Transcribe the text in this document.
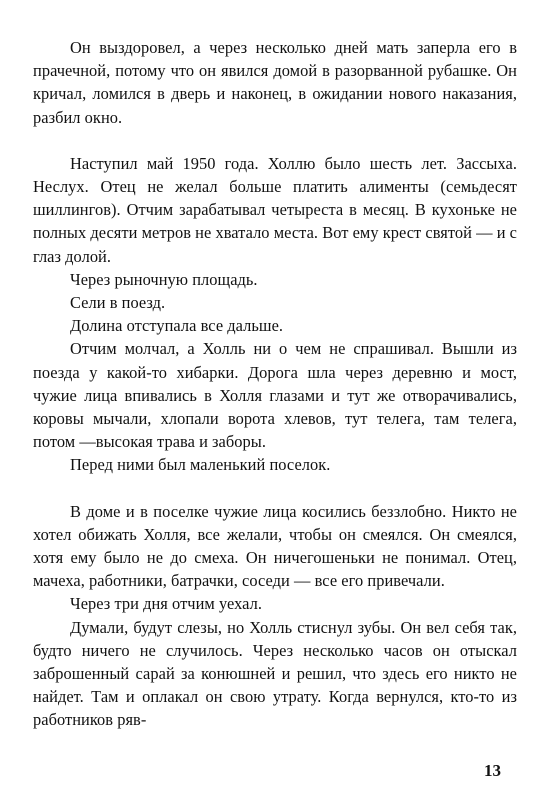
Он выздоровел, а через несколько дней мать заперла его в прачечной, потому что он явился домой в разорванной рубашке. Он кричал, ломился в дверь и наконец, в ожидании нового наказания, разбил окно.

Наступил май 1950 года. Холлю было шесть лет. Зассыха. Неслух. Отец не желал больше платить алименты (семьдесят шиллингов). Отчим зарабатывал четыреста в месяц. В кухоньке не полных десяти метров не хватало места. Вот ему крест святой — и с глаз долой.

Через рыночную площадь.

Сели в поезд.

Долина отступала все дальше.

Отчим молчал, а Холль ни о чем не спрашивал. Вышли из поезда у какой-то хибарки. Дорога шла через деревню и мост, чужие лица впивались в Холля глазами и тут же отворачивались, коровы мычали, хлопали ворота хлевов, тут телега, там телега, потом —высокая трава и заборы.

Перед ними был маленький поселок.

В доме и в поселке чужие лица косились беззлобно. Никто не хотел обижать Холля, все желали, чтобы он смеялся. Он смеялся, хотя ему было не до смеха. Он ничегошеньки не понимал. Отец, мачеха, работники, батрачки, соседи — все его привечали.

Через три дня отчим уехал.

Думали, будут слезы, но Холль стиснул зубы. Он вел себя так, будто ничего не случилось. Через несколько часов он отыскал заброшенный сарай за конюшней и решил, что здесь его никто не найдет. Там и оплакал он свою утрату. Когда вернулся, кто-то из работников ряв-

13
